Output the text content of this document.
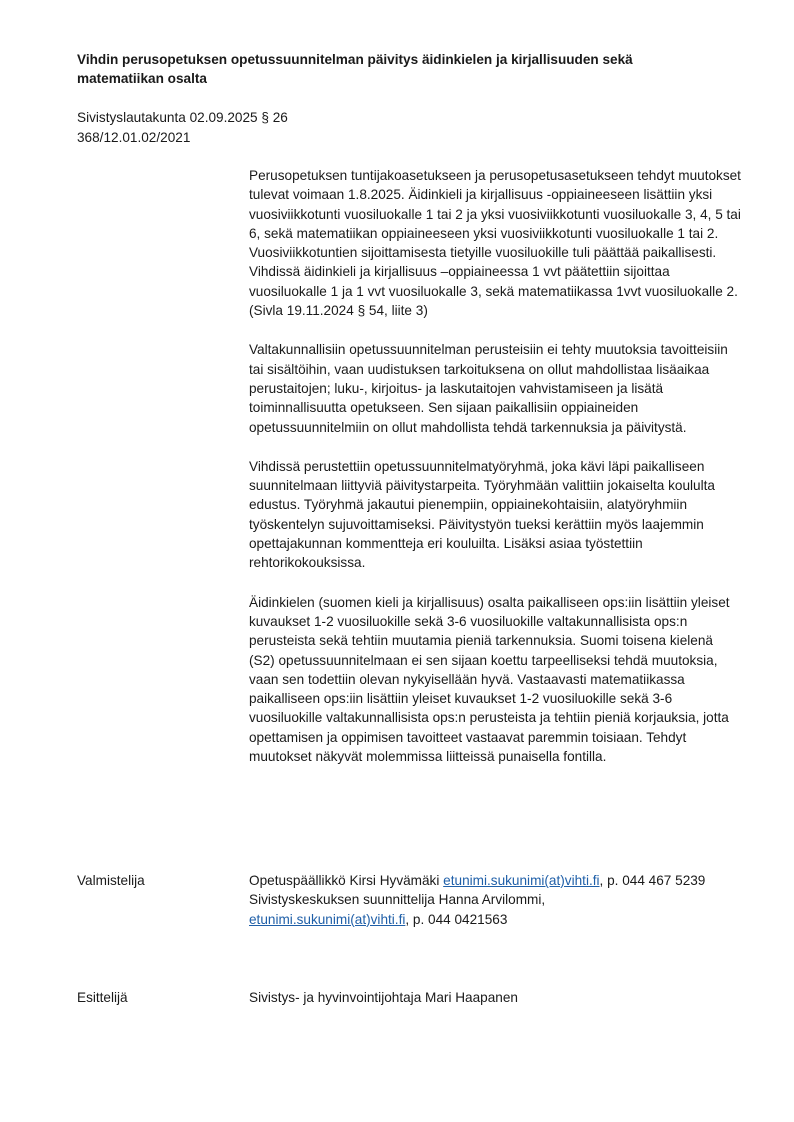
Vihdin perusopetuksen opetussuunnitelman päivitys äidinkielen ja kirjallisuuden sekä matematiikan osalta
Sivistyslautakunta 02.09.2025 § 26
368/12.01.02/2021

Perusopetuksen tuntijakoasetukseen ja perusopetusasetukseen tehdyt muutokset tulevat voimaan 1.8.2025. Äidinkieli ja kirjallisuus -oppiaineeseen lisättiin yksi vuosiviikkotunti vuosiluokalle 1 tai 2 ja yksi vuosiviikkotunti vuosiluokalle 3, 4, 5 tai 6, sekä matematiikan oppiaineeseen yksi vuosiviikkotunti vuosiluokalle 1 tai 2. Vuosiviikkotuntien sijoittamisesta tietyille vuosiluokille tuli päättää paikallisesti. Vihdissä äidinkieli ja kirjallisuus –oppiaineessa 1 vvt päätettiin sijoittaa vuosiluokalle 1 ja 1 vvt vuosiluokalle 3, sekä matematiikassa 1vvt vuosiluokalle 2. (Sivla 19.11.2024 § 54, liite 3)

Valtakunnallisiin opetussuunnitelman perusteisiin ei tehty muutoksia tavoitteisiin tai sisältöihin, vaan uudistuksen tarkoituksena on ollut mahdollistaa lisäaikaa perustaitojen; luku-, kirjoitus- ja laskutaitojen vahvistamiseen ja lisätä toiminnallisuutta opetukseen. Sen sijaan paikallisiin oppiaineiden opetussuunnitelmiin on ollut mahdollista tehdä tarkennuksia ja päivitystä.

Vihdissä perustettiin opetussuunnitelmatyöryhmä, joka kävi läpi paikalliseen suunnitelmaan liittyviä päivitystarpeita. Työryhmään valittiin jokaiselta koululta edustus. Työryhmä jakautui pienempiin, oppiainekohtaisiin, alatyöryhmiin työskentelyn sujuvoittamiseksi. Päivitystyön tueksi kerättiin myös laajemmin opettajakunnan kommentteja eri kouluilta. Lisäksi asiaa työstettiin rehtorikokouksissa.

Äidinkielen (suomen kieli ja kirjallisuus) osalta paikalliseen ops:iin lisättiin yleiset kuvaukset 1-2 vuosiluokille sekä 3-6 vuosiluokille valtakunnallisista ops:n perusteista sekä tehtiin muutamia pieniä tarkennuksia. Suomi toisena kielenä (S2) opetussuunnitelmaan ei sen sijaan koettu tarpeelliseksi tehdä muutoksia, vaan sen todettiin olevan nykyisellään hyvä. Vastaavasti matematiikassa paikalliseen ops:iin lisättiin yleiset kuvaukset 1-2 vuosiluokille sekä 3-6 vuosiluokille valtakunnallisista ops:n perusteista ja tehtiin pieniä korjauksia, jotta opettamisen ja oppimisen tavoitteet vastaavat paremmin toisiaan. Tehdyt muutokset näkyvät molemmissa liitteissä punaisella fontilla.

Valmistelija	Opetuspäällikkö Kirsi Hyvämäki etunimi.sukunimi(at)vihti.fi, p. 044 467 5239
Sivistyskeskuksen suunnittelija Hanna Arvilommi,
etunimi.sukunimi(at)vihti.fi, p. 044 0421563
Esittelijä	Sivistys- ja hyvinvointijohtaja Mari Haapanen
